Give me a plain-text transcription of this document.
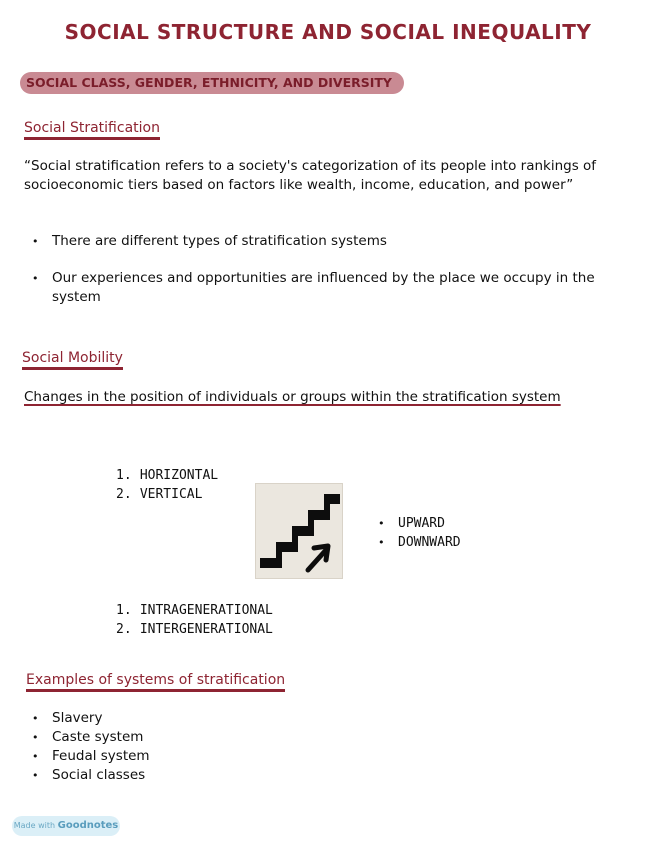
SOCIAL STRUCTURE AND SOCIAL INEQUALITY
SOCIAL CLASS, GENDER, ETHNICITY, AND DIVERSITY
Social Stratification
“Social stratification refers to a society's categorization of its people into rankings of socioeconomic tiers based on factors like wealth, income, education, and power”
• There are different types of stratification systems
• Our experiences and opportunities are influenced by the place we occupy in the system
Social Mobility
Changes in the position of individuals or groups within the stratification system
1. HORIZONTAL
2. VERTICAL
• UPWARD
• DOWNWARD
1. INTRAGENERATIONAL
2. INTERGENERATIONAL
Examples of systems of stratification
• Slavery
• Caste system
• Feudal system
• Social classes
Made with Goodnotes
